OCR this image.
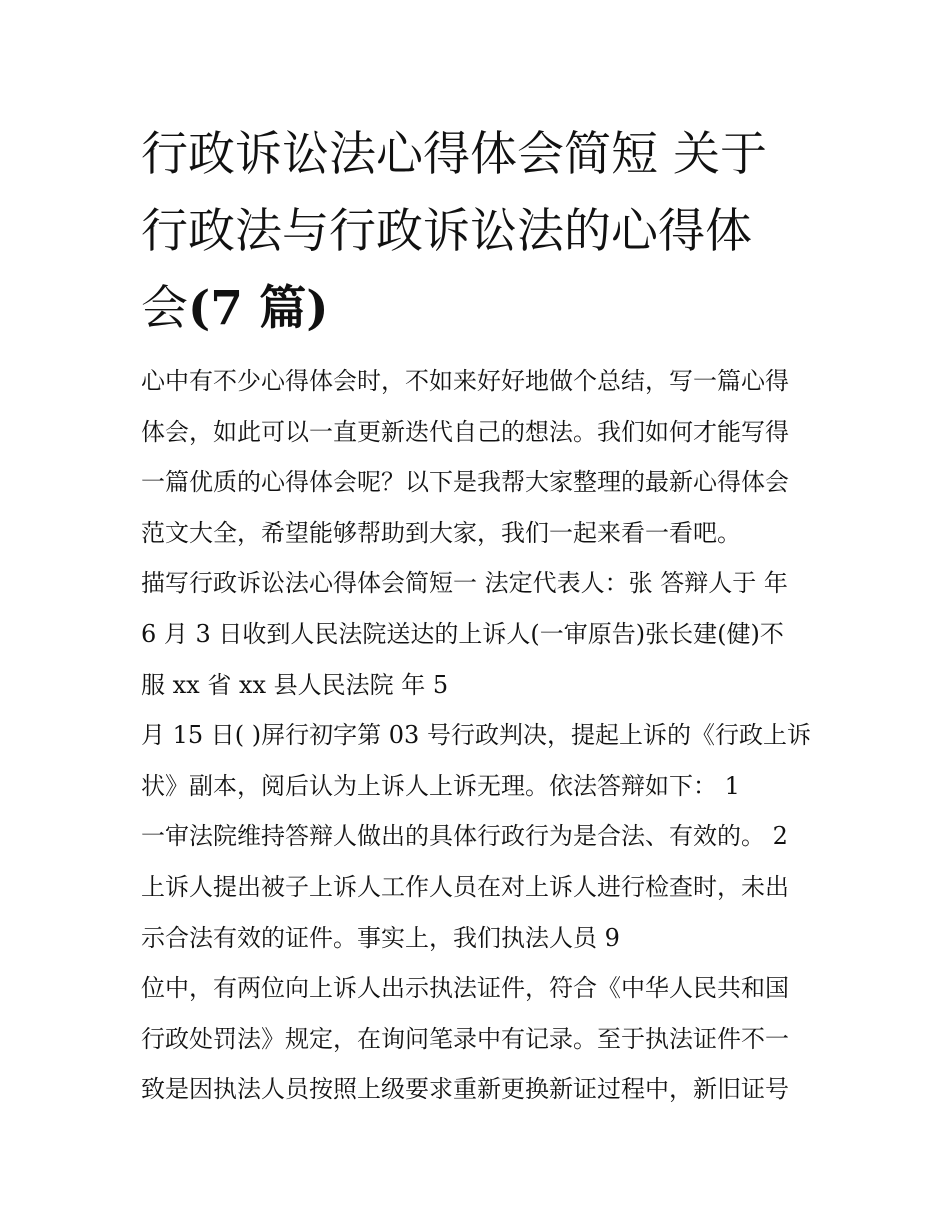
行政诉讼法心得体会简短 关于
行政法与行政诉讼法的心得体
会(7 篇)
心中有不少心得体会时，不如来好好地做个总结，写一篇心得
体会，如此可以一直更新迭代自己的想法。我们如何才能写得
一篇优质的心得体会呢？以下是我帮大家整理的最新心得体会
范文大全，希望能够帮助到大家，我们一起来看一看吧。
描写行政诉讼法心得体会简短一 法定代表人：张 答辩人于 年
6 月 3 日收到人民法院送达的上诉人(一审原告)张长建(健)不
服 xx 省 xx 县人民法院 年 5
月 15 日( )屏行初字第 03 号行政判决，提起上诉的《行政上诉
状》副本，阅后认为上诉人上诉无理。依法答辩如下： 1
一审法院维持答辩人做出的具体行政行为是合法、有效的。 2
上诉人提出被子上诉人工作人员在对上诉人进行检查时，未出
示合法有效的证件。事实上，我们执法人员 9
位中，有两位向上诉人出示执法证件，符合《中华人民共和国
行政处罚法》规定，在询问笔录中有记录。至于执法证件不一
致是因执法人员按照上级要求重新更换新证过程中，新旧证号
